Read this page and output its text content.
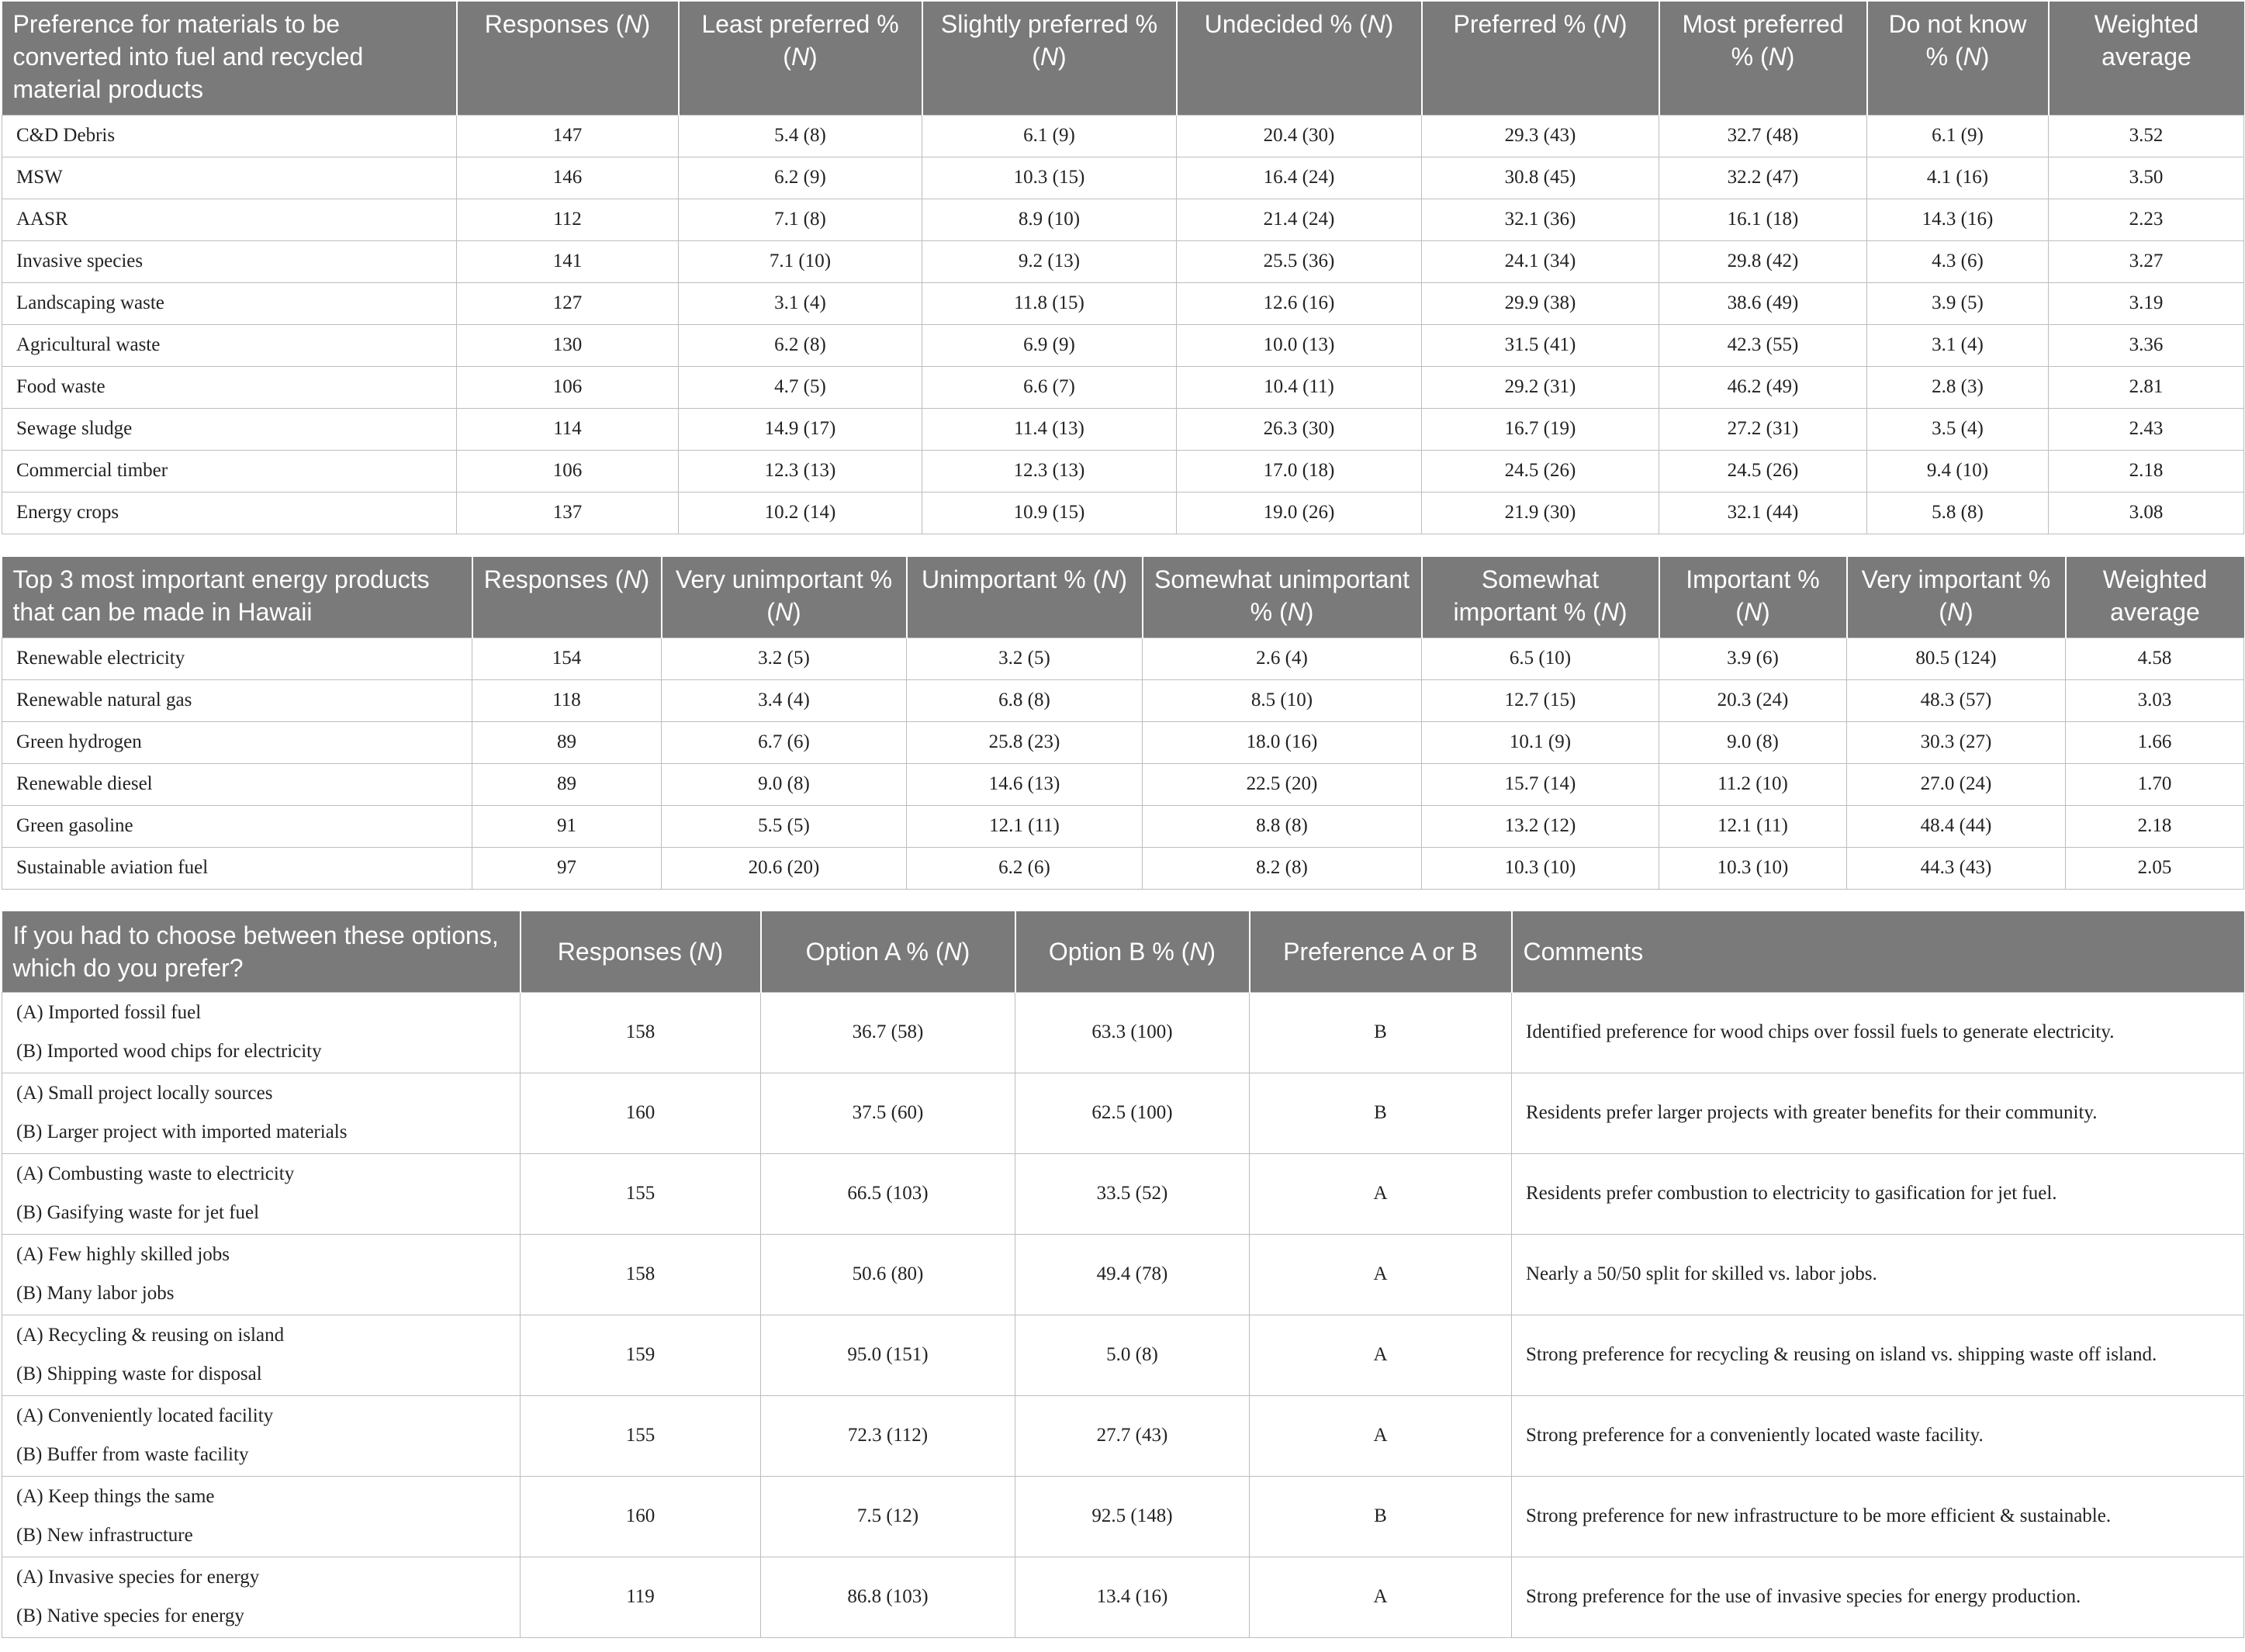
Preference for materials to be converted into fuel and recycled material products	Responses (N)	Least preferred % (N)	Slightly preferred % (N)	Undecided % (N)	Preferred % (N)	Most preferred % (N)	Do not know % (N)	Weighted average
C&D Debris	147	5.4 (8)	6.1 (9)	20.4 (30)	29.3 (43)	32.7 (48)	6.1 (9)	3.52
MSW	146	6.2 (9)	10.3 (15)	16.4 (24)	30.8 (45)	32.2 (47)	4.1 (16)	3.50
AASR	112	7.1 (8)	8.9 (10)	21.4 (24)	32.1 (36)	16.1 (18)	14.3 (16)	2.23
Invasive species	141	7.1 (10)	9.2 (13)	25.5 (36)	24.1 (34)	29.8 (42)	4.3 (6)	3.27
Landscaping waste	127	3.1 (4)	11.8 (15)	12.6 (16)	29.9 (38)	38.6 (49)	3.9 (5)	3.19
Agricultural waste	130	6.2 (8)	6.9 (9)	10.0 (13)	31.5 (41)	42.3 (55)	3.1 (4)	3.36
Food waste	106	4.7 (5)	6.6 (7)	10.4 (11)	29.2 (31)	46.2 (49)	2.8 (3)	2.81
Sewage sludge	114	14.9 (17)	11.4 (13)	26.3 (30)	16.7 (19)	27.2 (31)	3.5 (4)	2.43
Commercial timber	106	12.3 (13)	12.3 (13)	17.0 (18)	24.5 (26)	24.5 (26)	9.4 (10)	2.18
Energy crops	137	10.2 (14)	10.9 (15)	19.0 (26)	21.9 (30)	32.1 (44)	5.8 (8)	3.08
Top 3 most important energy products that can be made in Hawaii	Responses (N)	Very unimportant % (N)	Unimportant % (N)	Somewhat unimportant % (N)	Somewhat important % (N)	Important % (N)	Very important % (N)	Weighted average
Renewable electricity	154	3.2 (5)	3.2 (5)	2.6 (4)	6.5 (10)	3.9 (6)	80.5 (124)	4.58
Renewable natural gas	118	3.4 (4)	6.8 (8)	8.5 (10)	12.7 (15)	20.3 (24)	48.3 (57)	3.03
Green hydrogen	89	6.7 (6)	25.8 (23)	18.0 (16)	10.1 (9)	9.0 (8)	30.3 (27)	1.66
Renewable diesel	89	9.0 (8)	14.6 (13)	22.5 (20)	15.7 (14)	11.2 (10)	27.0 (24)	1.70
Green gasoline	91	5.5 (5)	12.1 (11)	8.8 (8)	13.2 (12)	12.1 (11)	48.4 (44)	2.18
Sustainable aviation fuel	97	20.6 (20)	6.2 (6)	8.2 (8)	10.3 (10)	10.3 (10)	44.3 (43)	2.05
If you had to choose between these options, which do you prefer?	Responses (N)	Option A % (N)	Option B % (N)	Preference A or B	Comments

(A) Imported fossil fuel
(B) Imported wood chips for electricity	158	36.7 (58)	63.3 (100)	B	Identified preference for wood chips over fossil fuels to generate electricity.

(A) Small project locally sources
(B) Larger project with imported materials	160	37.5 (60)	62.5 (100)	B	Residents prefer larger projects with greater benefits for their community.

(A) Combusting waste to electricity
(B) Gasifying waste for jet fuel	155	66.5 (103)	33.5 (52)	A	Residents prefer combustion to electricity to gasification for jet fuel.

(A) Few highly skilled jobs
(B) Many labor jobs	158	50.6 (80)	49.4 (78)	A	Nearly a 50/50 split for skilled vs. labor jobs.

(A) Recycling & reusing on island
(B) Shipping waste for disposal	159	95.0 (151)	5.0 (8)	A	Strong preference for recycling & reusing on island vs. shipping waste off island.

(A) Conveniently located facility
(B) Buffer from waste facility	155	72.3 (112)	27.7 (43)	A	Strong preference for a conveniently located waste facility.

(A) Keep things the same
(B) New infrastructure	160	7.5 (12)	92.5 (148)	B	Strong preference for new infrastructure to be more efficient & sustainable.

(A) Invasive species for energy
(B) Native species for energy	119	86.8 (103)	13.4 (16)	A	Strong preference for the use of invasive species for energy production.
